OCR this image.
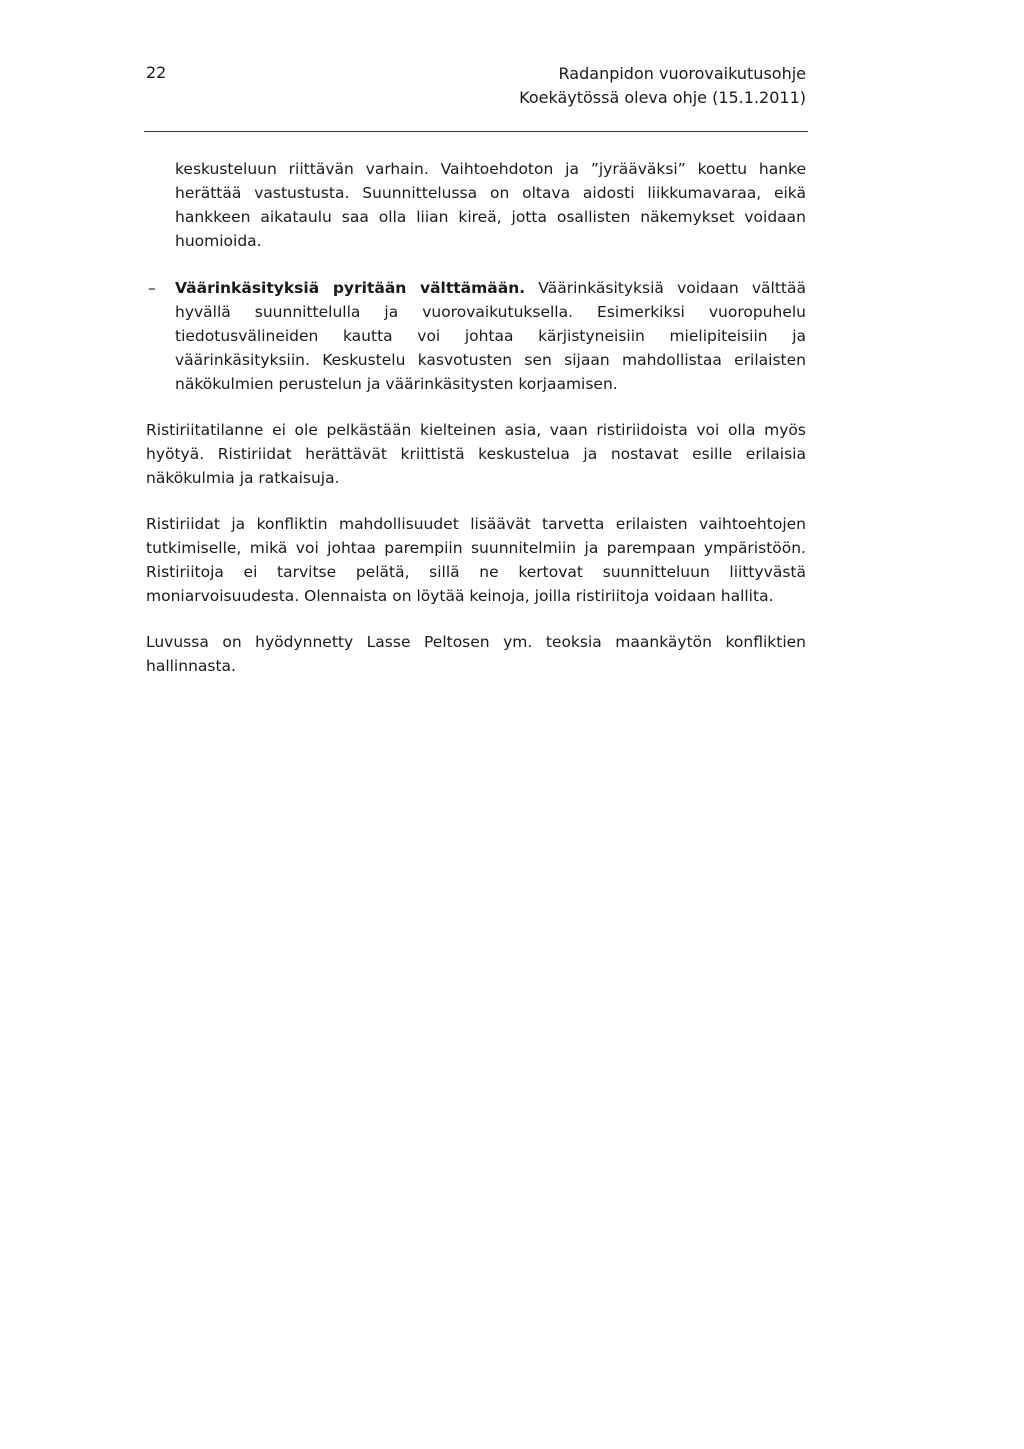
22	Radanpidon vuorovaikutusohje
Koekäytössä oleva ohje (15.1.2011)

keskusteluun riittävän varhain. Vaihtoehdoton ja ”jyrääväksi” koettu hanke herättää vastustusta. Suunnittelussa on oltava aidosti liikkumavaraa, eikä hankkeen aikataulu saa olla liian kireä, jotta osallisten näkemykset voidaan huomioida.

– Väärinkäsityksiä pyritään välttämään. Väärinkäsityksiä voidaan välttää hyvällä suunnittelulla ja vuorovaikutuksella. Esimerkiksi vuoropuhelu tiedotusvälineiden kautta voi johtaa kärjistyneisiin mielipiteisiin ja väärinkäsityksiin. Keskustelu kasvotusten sen sijaan mahdollistaa erilaisten näkökulmien perustelun ja väärinkäsitysten korjaamisen.

Ristiriitatilanne ei ole pelkästään kielteinen asia, vaan ristiriidoista voi olla myös hyötyä. Ristiriidat herättävät kriittistä keskustelua ja nostavat esille erilaisia näkökulmia ja ratkaisuja.

Ristiriidat ja konfliktin mahdollisuudet lisäävät tarvetta erilaisten vaihtoehtojen tutkimiselle, mikä voi johtaa parempiin suunnitelmiin ja parempaan ympäristöön. Ristiriitoja ei tarvitse pelätä, sillä ne kertovat suunnitteluun liittyvästä moniarvoisuudesta. Olennaista on löytää keinoja, joilla ristiriitoja voidaan hallita.

Luvussa on hyödynnetty Lasse Peltosen ym. teoksia maankäytön konfliktien hallinnasta.
